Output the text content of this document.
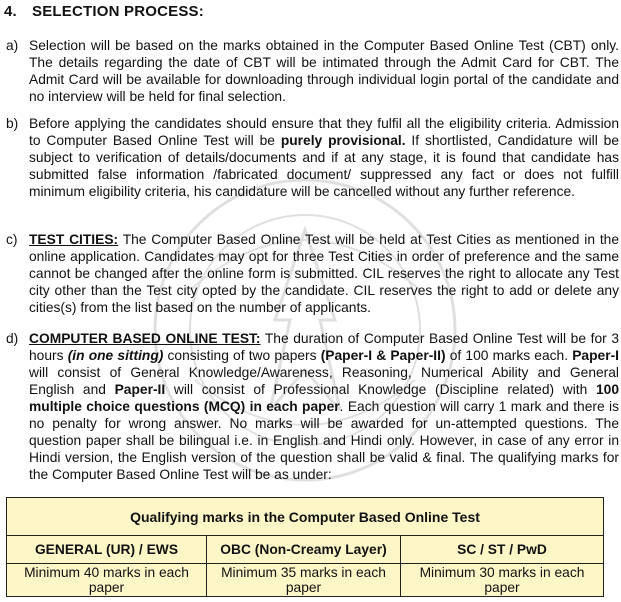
4. SELECTION PROCESS:
a) Selection will be based on the marks obtained in the Computer Based Online Test (CBT) only. The details regarding the date of CBT will be intimated through the Admit Card for CBT. The Admit Card will be available for downloading through individual login portal of the candidate and no interview will be held for final selection.
b) Before applying the candidates should ensure that they fulfil all the eligibility criteria. Admission to Computer Based Online Test will be purely provisional. If shortlisted, Candidature will be subject to verification of details/documents and if at any stage, it is found that candidate has submitted false information /fabricated document/ suppressed any fact or does not fulfill minimum eligibility criteria, his candidature will be cancelled without any further reference.
c) TEST CITIES: The Computer Based Online Test will be held at Test Cities as mentioned in the online application. Candidates may opt for three Test Cities in order of preference and the same cannot be changed after the online form is submitted. CIL reserves the right to allocate any Test city other than the Test city opted by the candidate. CIL reserves the right to add or delete any cities(s) from the list based on the number of applicants.
d) COMPUTER BASED ONLINE TEST: The duration of Computer Based Online Test will be for 3 hours (in one sitting) consisting of two papers (Paper-I & Paper-II) of 100 marks each. Paper-I will consist of General Knowledge/Awareness, Reasoning, Numerical Ability and General English and Paper-II will consist of Professional Knowledge (Discipline related) with 100 multiple choice questions (MCQ) in each paper. Each question will carry 1 mark and there is no penalty for wrong answer. No marks will be awarded for un-attempted questions. The question paper shall be bilingual i.e. in English and Hindi only. However, in case of any error in Hindi version, the English version of the question shall be valid & final. The qualifying marks for the Computer Based Online Test will be as under:
Qualifying marks in the Computer Based Online Test		
GENERAL (UR) / EWS	OBC (Non-Creamy Layer)	SC / ST / PwD
Minimum 40 marks in each paper	Minimum 35 marks in each paper	Minimum 30 marks in each paper
